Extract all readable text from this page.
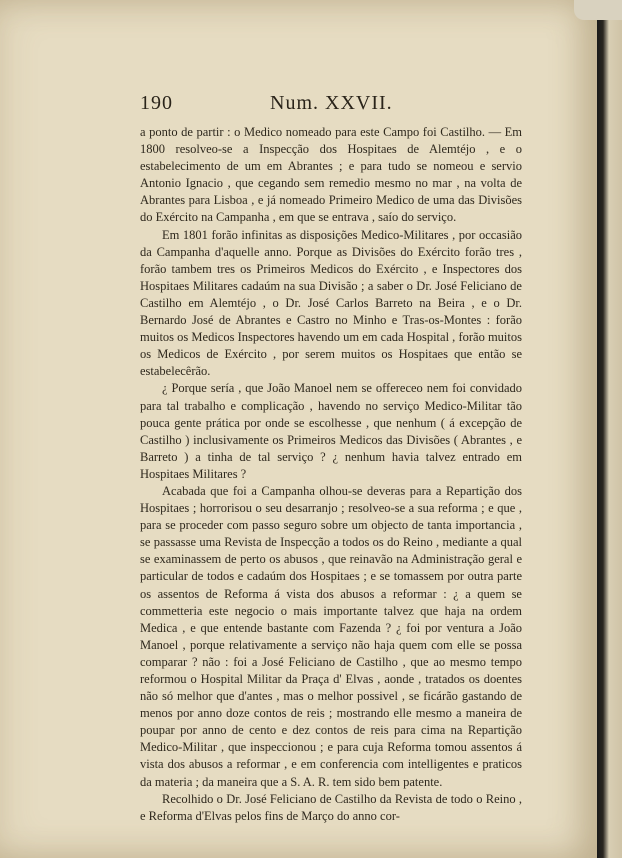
190	Num. XXVII.

a ponto de partir : o Medico nomeado para este Campo foi Castilho. — Em 1800 resolveo-se a Inspecção dos Hospitaes de Alemtéjo , e o estabelecimento de um em Abrantes ; e para tudo se nomeou e servio Antonio Ignacio , que cegando sem remedio mesmo no mar , na volta de Abrantes para Lisboa , e já nomeado Primeiro Medico de uma das Divisões do Exército na Campanha , em que se entrava , saío do serviço.

Em 1801 forão infinitas as disposições Medico-Militares , por occasião da Campanha d'aquelle anno. Porque as Divisões do Exército forão tres , forão tambem tres os Primeiros Medicos do Exército , e Inspectores dos Hospitaes Militares cadaúm na sua Divisão ; a saber o Dr. José Feliciano de Castilho em Alemtéjo , o Dr. José Carlos Barreto na Beira , e o Dr. Bernardo José de Abrantes e Castro no Minho e Tras-os-Montes : forão muitos os Medicos Inspectores havendo um em cada Hospital , forão muitos os Medicos de Exército , por serem muitos os Hospitaes que então se estabelecêrão.

¿ Porque sería , que João Manoel nem se offereceo nem foi convidado para tal trabalho e complicação , havendo no serviço Medico-Militar tão pouca gente prática por onde se escolhesse , que nenhum ( á excepção de Castilho ) inclusivamente os Primeiros Medicos das Divisões ( Abrantes , e Barreto ) a tinha de tal serviço ? ¿ nenhum havia talvez entrado em Hospitaes Militares ?

Acabada que foi a Campanha olhou-se deveras para a Repartição dos Hospitaes ; horrorisou o seu desarranjo ; resolveo-se a sua reforma ; e que , para se proceder com passo seguro sobre um objecto de tanta importancia , se passasse uma Revista de Inspecção a todos os do Reino , mediante a qual se examinassem de perto os abusos , que reinavão na Administração geral e particular de todos e cadaúm dos Hospitaes ; e se tomassem por outra parte os assentos de Reforma á vista dos abusos a reformar : ¿ a quem se commetteria este negocio o mais importante talvez que haja na ordem Medica , e que entende bastante com Fazenda ? ¿ foi por ventura a João Manoel , porque relativamente a serviço não haja quem com elle se possa comparar ? não : foi a José Feliciano de Castilho , que ao mesmo tempo reformou o Hospital Militar da Praça d' Elvas , aonde , tratados os doentes não só melhor que d'antes , mas o melhor possivel , se ficárão gastando de menos por anno doze contos de reis ; mostrando elle mesmo a maneira de poupar por anno de cento e dez contos de reis para cima na Repartição Medico-Militar , que inspeccionou ; e para cuja Reforma tomou assentos á vista dos abusos a reformar , e em conferencia com intelligentes e praticos da materia ; da maneira que a S. A. R. tem sido bem patente.

Recolhido o Dr. José Feliciano de Castilho da Revista de todo o Reino , e Reforma d'Elvas pelos fins de Março do anno cor-
